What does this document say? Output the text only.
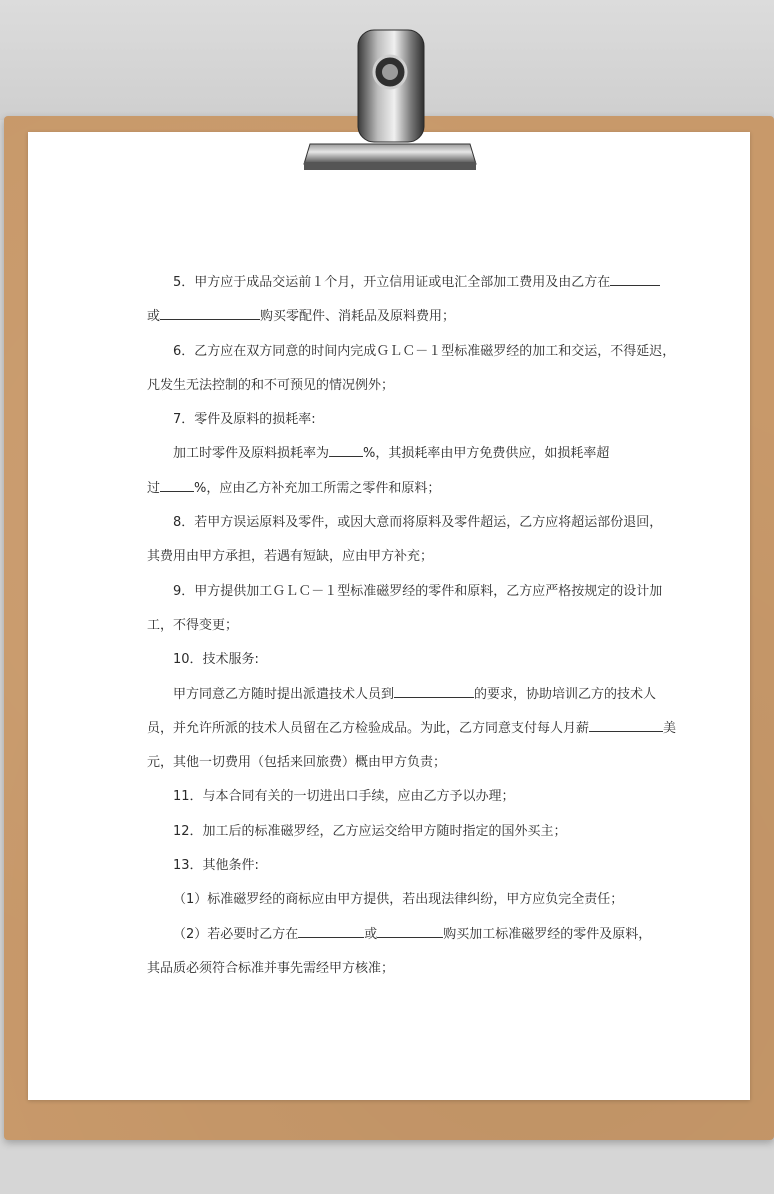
5．甲方应于成品交运前１个月，开立信用证或电汇全部加工费用及由乙方在
或	购买零配件、消耗品及原料费用；
6．乙方应在双方同意的时间内完成ＧＬＣ－１型标准磁罗经的加工和交运，不得延迟，
凡发生无法控制的和不可预见的情况例外；
7．零件及原料的损耗率:
加工时零件及原料损耗率为	%，其损耗率由甲方免费供应，如损耗率超
过	%，应由乙方补充加工所需之零件和原料；
8．若甲方误运原料及零件，或因大意而将原料及零件超运，乙方应将超运部份退回，
其费用由甲方承担，若遇有短缺，应由甲方补充；
9．甲方提供加工ＧＬＣ－１型标准磁罗经的零件和原料，乙方应严格按规定的设计加
工，不得变更；
10．技术服务:
甲方同意乙方随时提出派遣技术人员到	的要求，协助培训乙方的技术人
员，并允许所派的技术人员留在乙方检验成品。为此，乙方同意支付每人月薪	美
元，其他一切费用（包括来回旅费）概由甲方负责；
11．与本合同有关的一切进出口手续，应由乙方予以办理；
12．加工后的标准磁罗经，乙方应运交给甲方随时指定的国外买主；
13．其他条件:
（1）标准磁罗经的商标应由甲方提供，若出现法律纠纷，甲方应负完全责任；
（2）若必要时乙方在	或	购买加工标准磁罗经的零件及原料，
其品质必须符合标准并事先需经甲方核准；
